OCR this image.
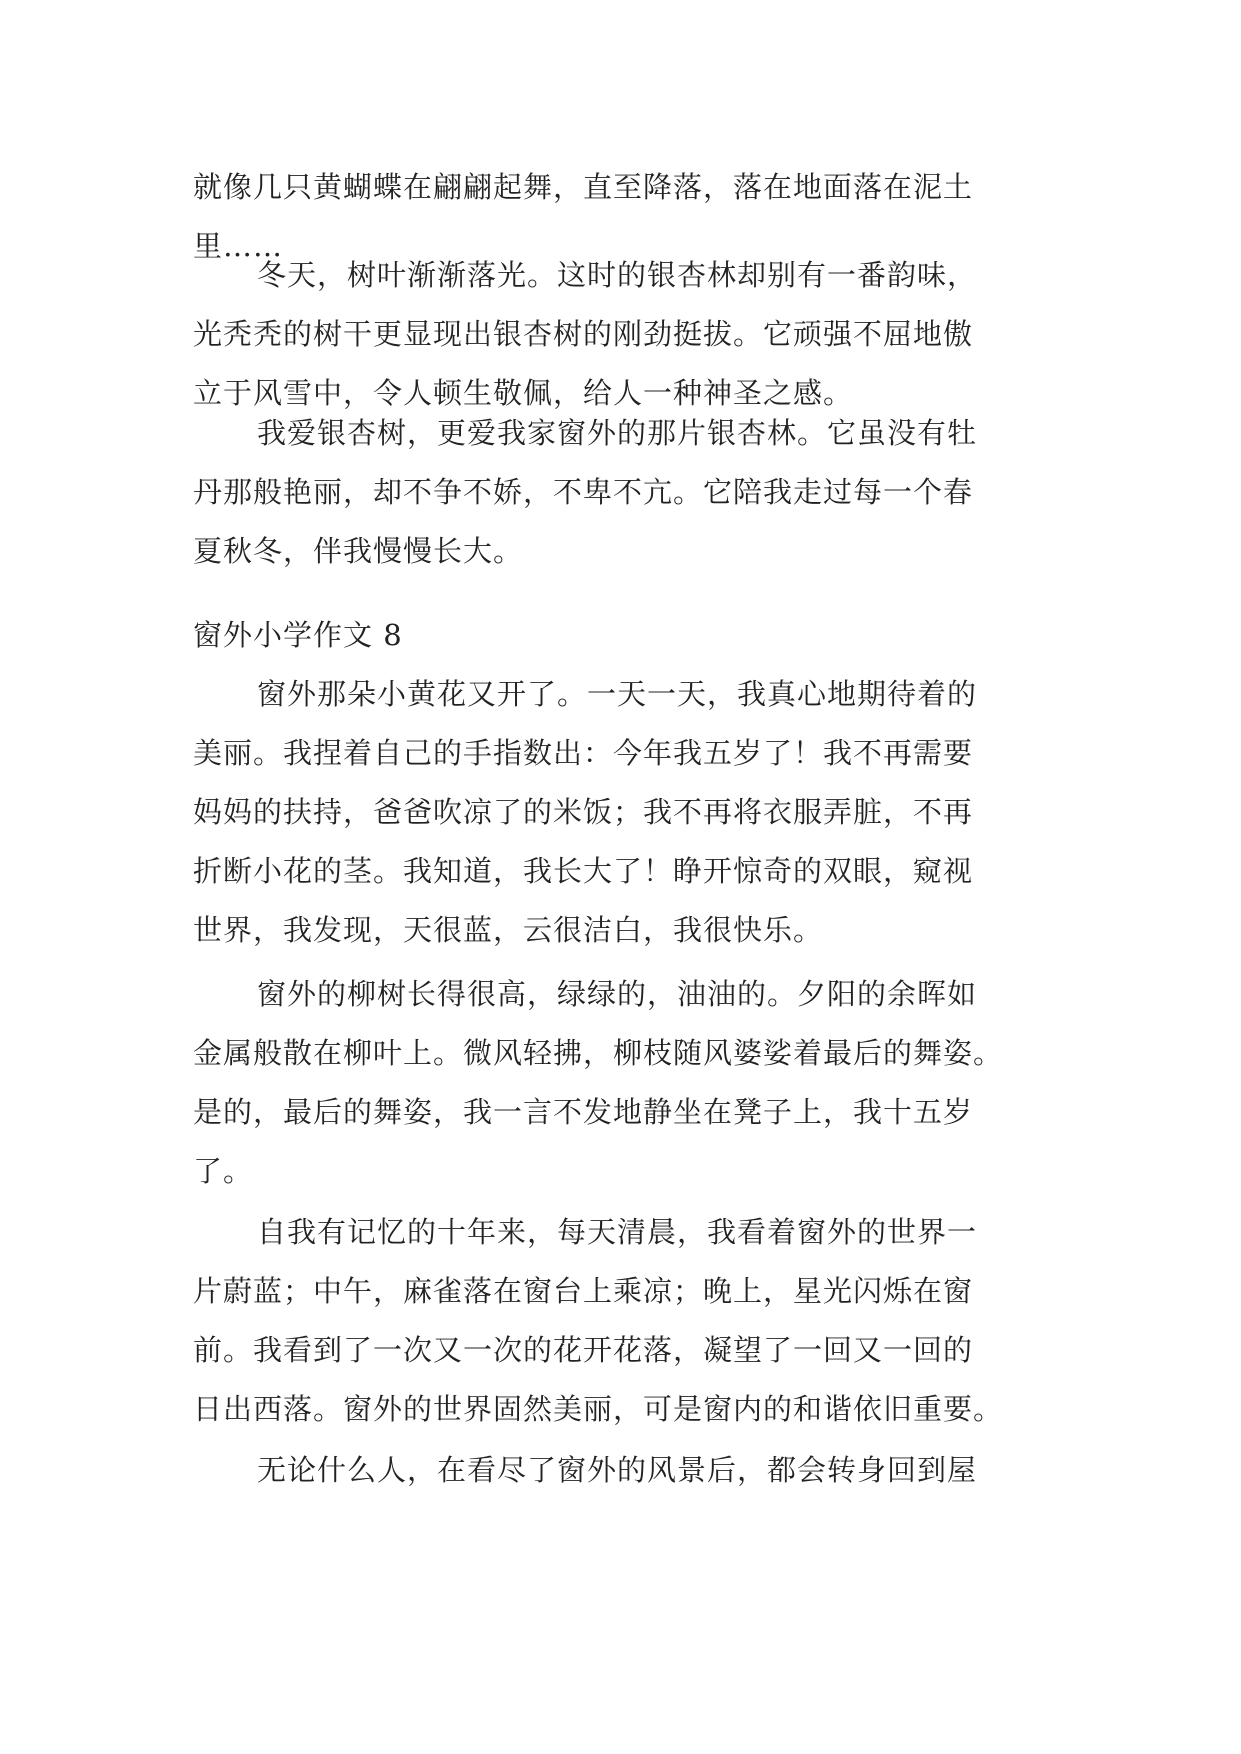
就像几只黄蝴蝶在翩翩起舞，直至降落，落在地面落在泥土
里……
冬天，树叶渐渐落光。这时的银杏林却别有一番韵味，
光秃秃的树干更显现出银杏树的刚劲挺拔。它顽强不屈地傲
立于风雪中，令人顿生敬佩，给人一种神圣之感。
我爱银杏树，更爱我家窗外的那片银杏林。它虽没有牡
丹那般艳丽，却不争不娇，不卑不亢。它陪我走过每一个春
夏秋冬，伴我慢慢长大。
窗外小学作文 8
窗外那朵小黄花又开了。一天一天，我真心地期待着的
美丽。我捏着自己的手指数出：今年我五岁了！我不再需要
妈妈的扶持，爸爸吹凉了的米饭；我不再将衣服弄脏，不再
折断小花的茎。我知道，我长大了！睁开惊奇的双眼，窥视
世界，我发现，天很蓝，云很洁白，我很快乐。
窗外的柳树长得很高，绿绿的，油油的。夕阳的余晖如
金属般散在柳叶上。微风轻拂，柳枝随风婆娑着最后的舞姿。
是的，最后的舞姿，我一言不发地静坐在凳子上，我十五岁
了。
自我有记忆的十年来，每天清晨，我看着窗外的世界一
片蔚蓝；中午，麻雀落在窗台上乘凉；晚上，星光闪烁在窗
前。我看到了一次又一次的花开花落，凝望了一回又一回的
日出西落。窗外的世界固然美丽，可是窗内的和谐依旧重要。
无论什么人，在看尽了窗外的风景后，都会转身回到屋
